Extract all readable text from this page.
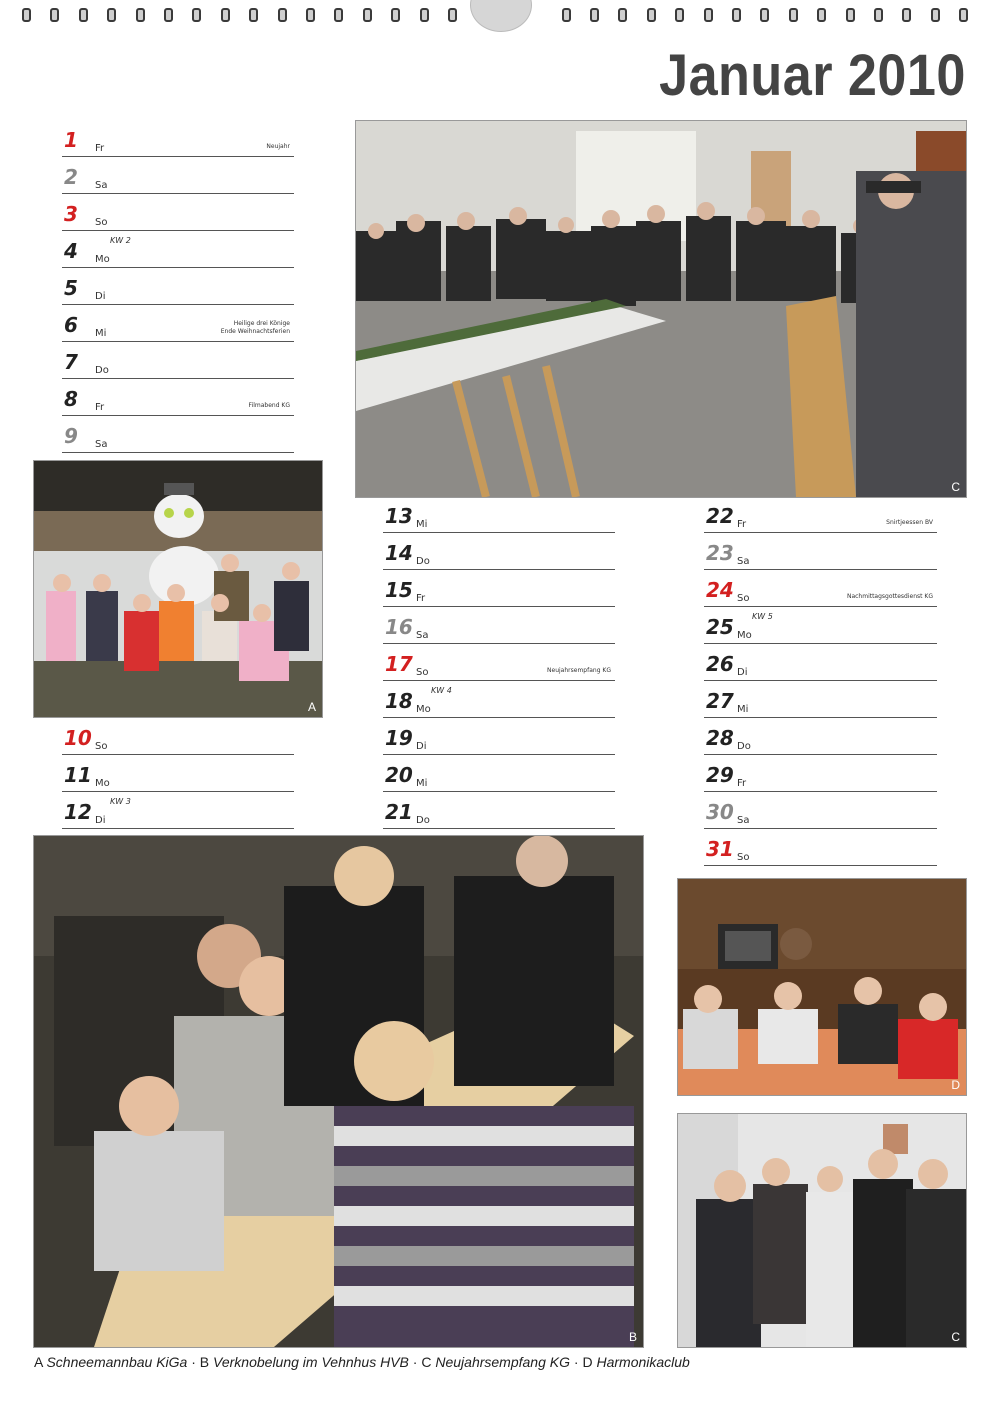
Januar 2010
1 Fr	Neujahr
2 Sa
3 So
4 Mo
KW 2
5 Di
6 Mi
Heilige drei Könige
Ende Weihnachtsferien
7 Do
8 Fr	Filmabend KG
9 Sa
10 So
11 Mo
12 Di
KW 3
13 Mi
14 Do
15 Fr
16 Sa
17 So	Neujahrsempfang KG
18 Mo
KW 4
19 Di
20 Mi
21 Do
22 Fr	Snirtjeessen BV
23 Sa
24 So	Nachmittagsgottesdienst KG
25 Mo
KW 5
26 Di
27 Mi
28 Do
29 Fr
30 Sa
31 So
C
A
B
D
C
A Schneemannbau KiGa · B Verknobelung im Vehnhus HVB · C Neujahrsempfang KG · D Harmonikaclub
